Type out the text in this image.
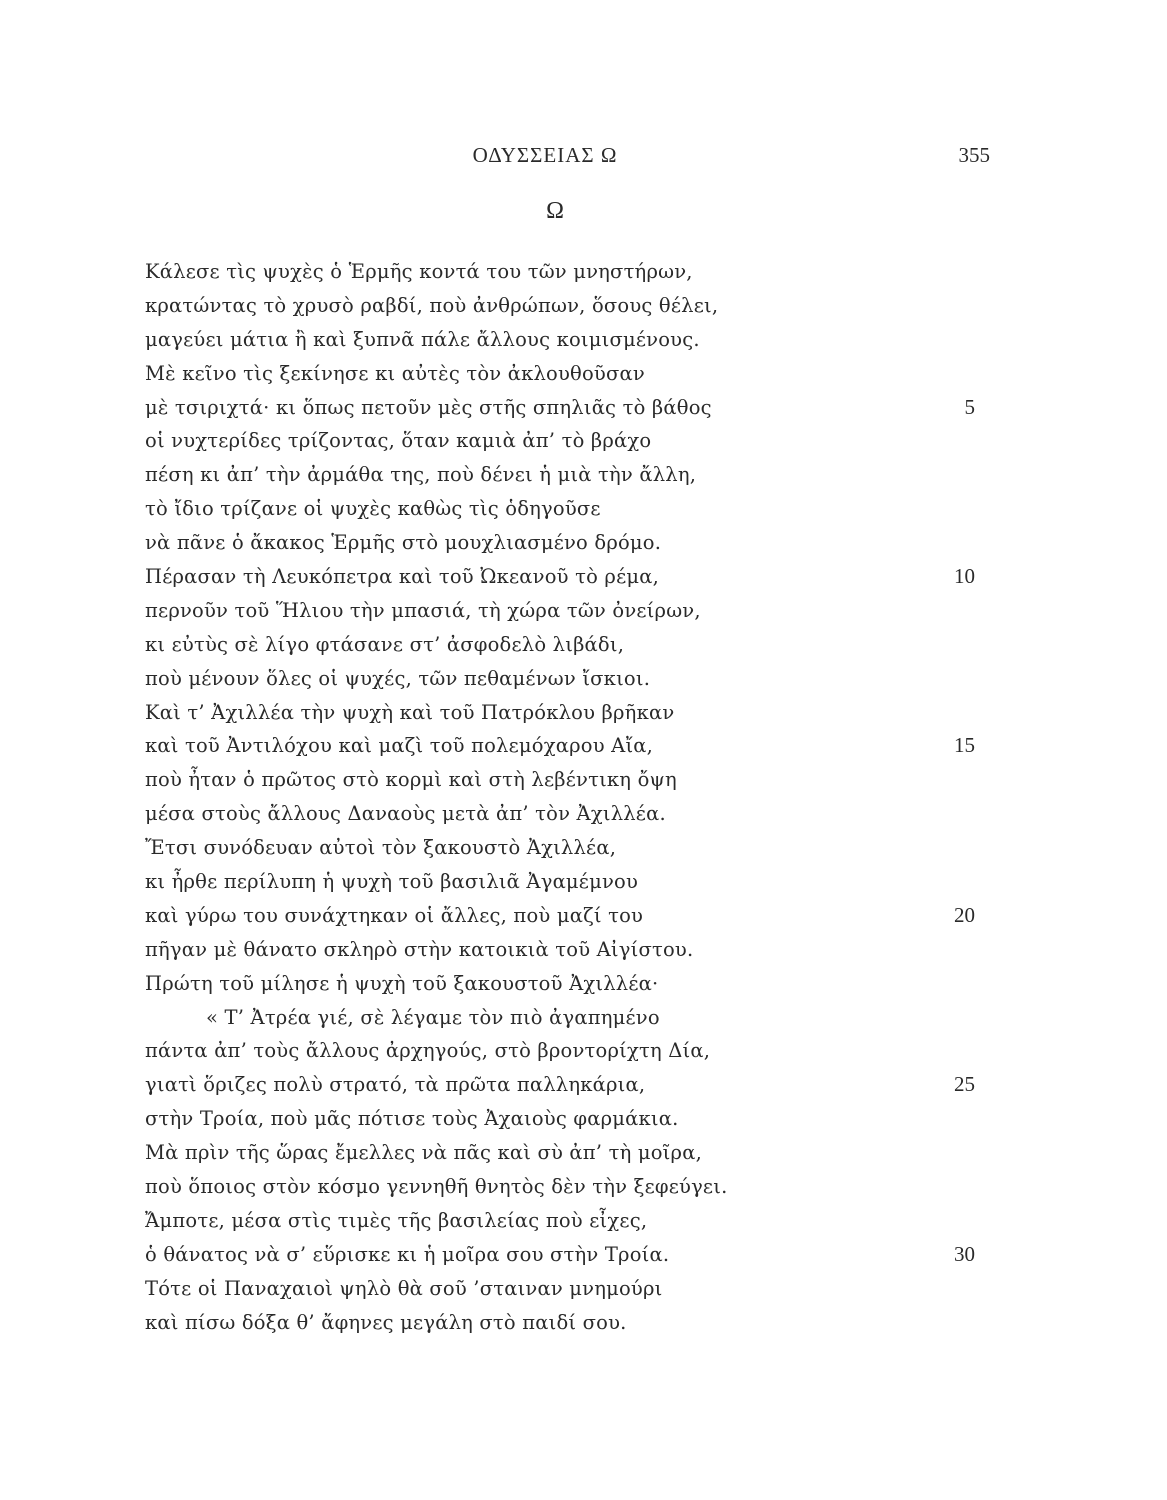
ΟΔΥΣΣΕΙΑΣ Ω	355
Ω
Κάλεσε τὶς ψυχὲς ὁ Ἑρμῆς κοντά του τῶν μνηστήρων,
κρατώντας τὸ χρυσὸ ραβδί, ποὺ ἀνθρώπων, ὅσους θέλει,
μαγεύει μάτια ἢ καὶ ξυπνᾶ πάλε ἄλλους κοιμισμένους.
Μὲ κεῖνο τὶς ξεκίνησε κι αὐτὲς τὸν ἀκλουθοῦσαν
μὲ τσιριχτά· κι ὅπως πετοῦν μὲς στῆς σπηλιᾶς τὸ βάθος	5
οἱ νυχτερίδες τρίζοντας, ὅταν καμιὰ ἀπ’ τὸ βράχο
πέση κι ἀπ’ τὴν ἀρμάθα της, ποὺ δένει ἡ μιὰ τὴν ἄλλη,
τὸ ἴδιο τρίζανε οἱ ψυχὲς καθὼς τὶς ὁδηγοῦσε
νὰ πᾶνε ὁ ἄκακος Ἑρμῆς στὸ μουχλιασμένο δρόμο.
Πέρασαν τὴ Λευκόπετρα καὶ τοῦ Ὠκεανοῦ τὸ ρέμα,	10
περνοῦν τοῦ Ἥλιου τὴν μπασιά, τὴ χώρα τῶν ὀνείρων,
κι εὐτὺς σὲ λίγο φτάσανε στ’ ἀσφοδελὸ λιβάδι,
ποὺ μένουν ὅλες οἱ ψυχές, τῶν πεθαμένων ἴσκιοι.
Καὶ τ’ Ἀχιλλέα τὴν ψυχὴ καὶ τοῦ Πατρόκλου βρῆκαν
καὶ τοῦ Ἀντιλόχου καὶ μαζὶ τοῦ πολεμόχαρου Αἴα,	15
ποὺ ἦταν ὁ πρῶτος στὸ κορμὶ καὶ στὴ λεβέντικη ὄψη
μέσα στοὺς ἄλλους Δαναοὺς μετὰ ἀπ’ τὸν Ἀχιλλέα.
Ἔτσι συνόδευαν αὐτοὶ τὸν ξακουστὸ Ἀχιλλέα,
κι ἦρθε περίλυπη ἡ ψυχὴ τοῦ βασιλιᾶ Ἀγαμέμνου
καὶ γύρω του συνάχτηκαν οἱ ἄλλες, ποὺ μαζί του	20
πῆγαν μὲ θάνατο σκληρὸ στὴν κατοικιὰ τοῦ Αἰγίστου.
Πρώτη τοῦ μίλησε ἡ ψυχὴ τοῦ ξακουστοῦ Ἀχιλλέα·
« Τ’ Ἀτρέα γιέ, σὲ λέγαμε τὸν πιὸ ἀγαπημένο
πάντα ἀπ’ τοὺς ἄλλους ἀρχηγούς, στὸ βροντορίχτη Δία,
γιατὶ ὅριζες πολὺ στρατό, τὰ πρῶτα παλληκάρια,	25
στὴν Τροία, ποὺ μᾶς πότισε τοὺς Ἀχαιοὺς φαρμάκια.
Μὰ πρὶν τῆς ὥρας ἔμελλες νὰ πᾶς καὶ σὺ ἀπ’ τὴ μοῖρα,
ποὺ ὅποιος στὸν κόσμο γεννηθῆ θνητὸς δὲν τὴν ξεφεύγει.
Ἄμποτε, μέσα στὶς τιμὲς τῆς βασιλείας ποὺ εἶχες,
ὁ θάνατος νὰ σ’ εὕρισκε κι ἡ μοῖρα σου στὴν Τροία.	30
Τότε οἱ Παναχαιοὶ ψηλὸ θὰ σοῦ ’σταιναν μνημούρι
καὶ πίσω δόξα θ’ ἄφηνες μεγάλη στὸ παιδί σου.
